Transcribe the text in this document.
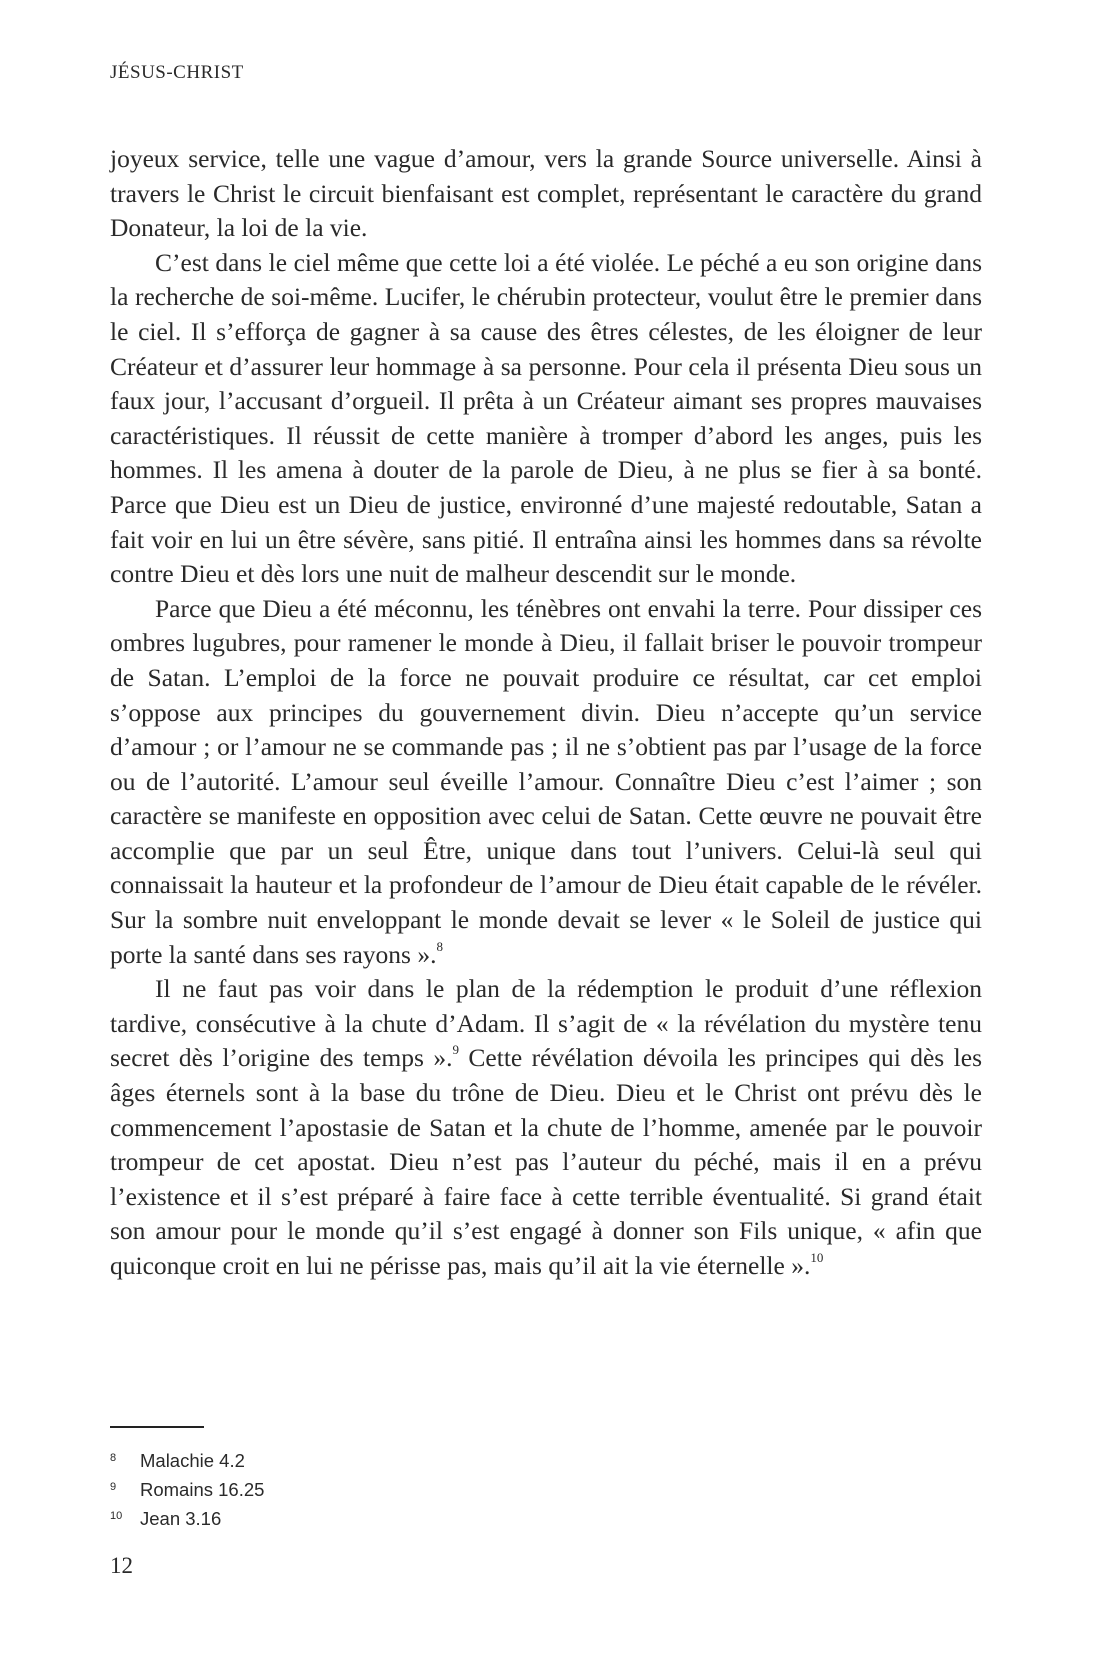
JÉSUS-CHRIST

joyeux service, telle une vague d’amour, vers la grande Source universelle. Ainsi à travers le Christ le circuit bienfaisant est complet, représentant le caractère du grand Donateur, la loi de la vie.

C’est dans le ciel même que cette loi a été violée. Le péché a eu son origine dans la recherche de soi-même. Lucifer, le chérubin protecteur, voulut être le premier dans le ciel. Il s’efforça de gagner à sa cause des êtres célestes, de les éloigner de leur Créateur et d’assurer leur hommage à sa personne. Pour cela il présenta Dieu sous un faux jour, l’accusant d’orgueil. Il prêta à un Créateur aimant ses propres mauvaises caractéristiques. Il réussit de cette manière à tromper d’abord les anges, puis les hommes. Il les amena à douter de la parole de Dieu, à ne plus se fier à sa bonté. Parce que Dieu est un Dieu de justice, environné d’une majesté redoutable, Satan a fait voir en lui un être sévère, sans pitié. Il entraîna ainsi les hommes dans sa révolte contre Dieu et dès lors une nuit de malheur descendit sur le monde.

Parce que Dieu a été méconnu, les ténèbres ont envahi la terre. Pour dissiper ces ombres lugubres, pour ramener le monde à Dieu, il fallait briser le pouvoir trompeur de Satan. L’emploi de la force ne pouvait produire ce résultat, car cet emploi s’oppose aux principes du gouvernement divin. Dieu n’accepte qu’un service d’amour ; or l’amour ne se commande pas ; il ne s’obtient pas par l’usage de la force ou de l’autorité. L’amour seul éveille l’amour. Connaître Dieu c’est l’aimer ; son caractère se manifeste en opposition avec celui de Satan. Cette œuvre ne pouvait être accomplie que par un seul Être, unique dans tout l’univers. Celui-là seul qui connaissait la hauteur et la profondeur de l’amour de Dieu était capable de le révéler. Sur la sombre nuit enveloppant le monde devait se lever « le Soleil de justice qui porte la santé dans ses rayons ».$^8$

Il ne faut pas voir dans le plan de la rédemption le produit d’une réflexion tardive, consécutive à la chute d’Adam. Il s’agit de « la révélation du mystère tenu secret dès l’origine des temps ».$^9$ Cette révélation dévoila les principes qui dès les âges éternels sont à la base du trône de Dieu. Dieu et le Christ ont prévu dès le commencement l’apostasie de Satan et la chute de l’homme, amenée par le pouvoir trompeur de cet apostat. Dieu n’est pas l’auteur du péché, mais il en a prévu l’existence et il s’est préparé à faire face à cette terrible éventualité. Si grand était son amour pour le monde qu’il s’est engagé à donner son Fils unique, « afin que quiconque croit en lui ne périsse pas, mais qu’il ait la vie éternelle ».$^{10}$

8	Malachie 4.2
9	Romains 16.25
10 Jean 3.16
12
